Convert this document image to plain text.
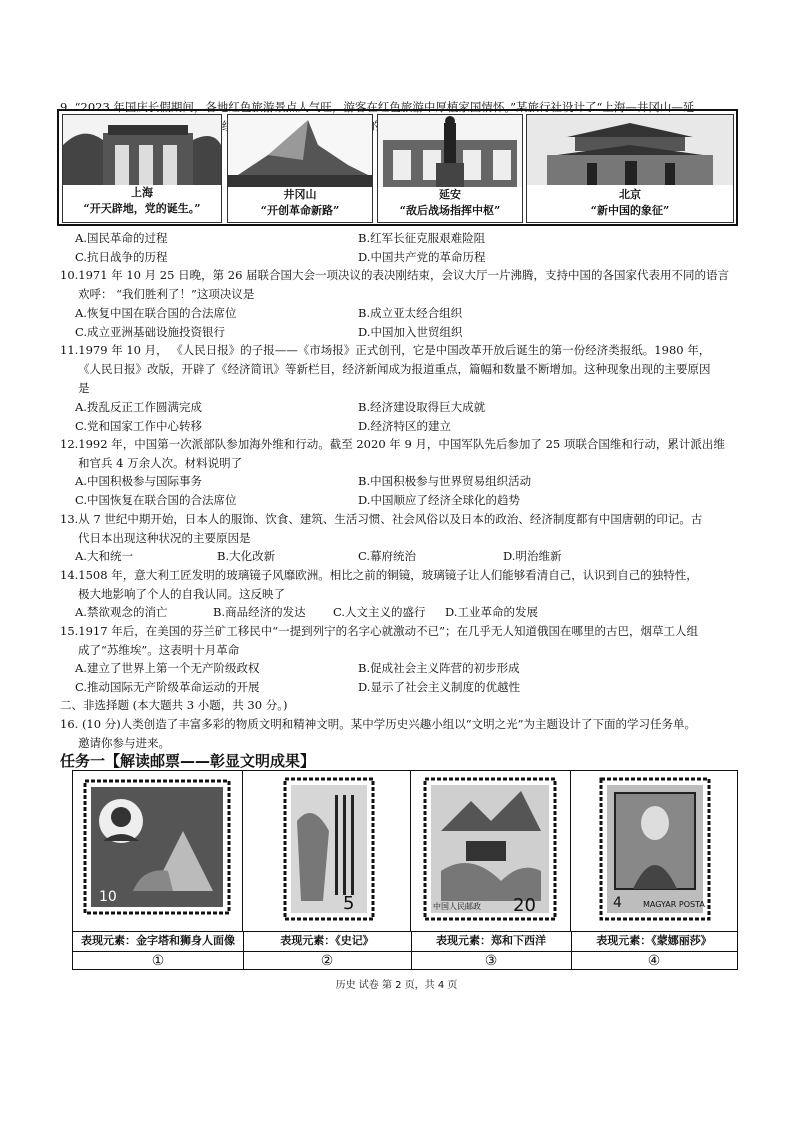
9. “2023 年国庆长假期间，各地红色旅游景点人气旺，游客在红色旅游中厚植家国情怀。”某旅行社设计了“上海—井冈山—延
上海
“开天辟地，党的诞生。”
井冈山
“开创革命新路”
延安
“敌后战场指挥中枢”
北京
“新中国的象征”
A.国民革命的过程	B.红军长征克服艰难险阻
C.抗日战争的历程	D.中国共产党的革命历程
10.1971 年 10 月 25 日晚，第 26 届联合国大会一项决议的表决刚结束，会议大厅一片沸腾，支持中国的各国家代表用不同的语言
欢呼： “我们胜利了！”这项决议是
A.恢复中国在联合国的合法席位	B.成立亚太经合组织
C.成立亚洲基础设施投资银行	D.中国加入世贸组织
11.1979 年 10 月， 《人民日报》的子报——《市场报》正式创刊，它是中国改革开放后诞生的第一份经济类报纸。1980 年，
《人民日报》改版，开辟了《经济简讯》等新栏目，经济新闻成为报道重点，篇幅和数量不断增加。这种现象出现的主要原因
是
A.拨乱反正工作圆满完成	B.经济建设取得巨大成就
C.党和国家工作中心转移	D.经济特区的建立
12.1992 年，中国第一次派部队参加海外维和行动。截至 2020 年 9 月，中国军队先后参加了 25 项联合国维和行动，累计派出维
和官兵 4 万余人次。材料说明了
A.中国积极参与国际事务	B.中国积极参与世界贸易组织活动
C.中国恢复在联合国的合法席位	D.中国顺应了经济全球化的趋势
13.从 7 世纪中期开始，日本人的服饰、饮食、建筑、生活习惯、社会风俗以及日本的政治、经济制度都有中国唐朝的印记。古
代日本出现这种状况的主要原因是
A.大和统一	B.大化改新	C.幕府统治	D.明治维新
14.1508 年，意大利工匠发明的玻璃镜子风靡欧洲。相比之前的铜镜，玻璃镜子让人们能够看清自己，认识到自己的独特性，
极大地影响了个人的自我认同。这反映了
A.禁欲观念的消亡	B.商品经济的发达	C.人文主义的盛行	D.工业革命的发展
15.1917 年后，在美国的芬兰矿工移民中“一提到列宁的名字心就激动不已”；在几乎无人知道俄国在哪里的古巴，烟草工人组
成了“苏维埃”。这表明十月革命
A.建立了世界上第一个无产阶级政权	B.促成社会主义阵营的初步形成
C.推动国际无产阶级革命运动的开展	D.显示了社会主义制度的优越性
二、非选择题 (本大题共 3 小题，共 30 分。)
16. (10 分)人类创造了丰富多彩的物质文明和精神文明。某中学历史兴趣小组以“文明之光”为主题设计了下面的学习任务单。
邀请你参与进来。
任务一【解读邮票——彰显文明成果】
10	5	中国人民邮政 20	4	MAGYAR POSTA
表现元素：金字塔和狮身人面像	表现元素：《史记》	表现元素：郑和下西洋	表现元素：《蒙娜丽莎》
①	②	③	④
历史 试卷 第 2 页，共 4 页
